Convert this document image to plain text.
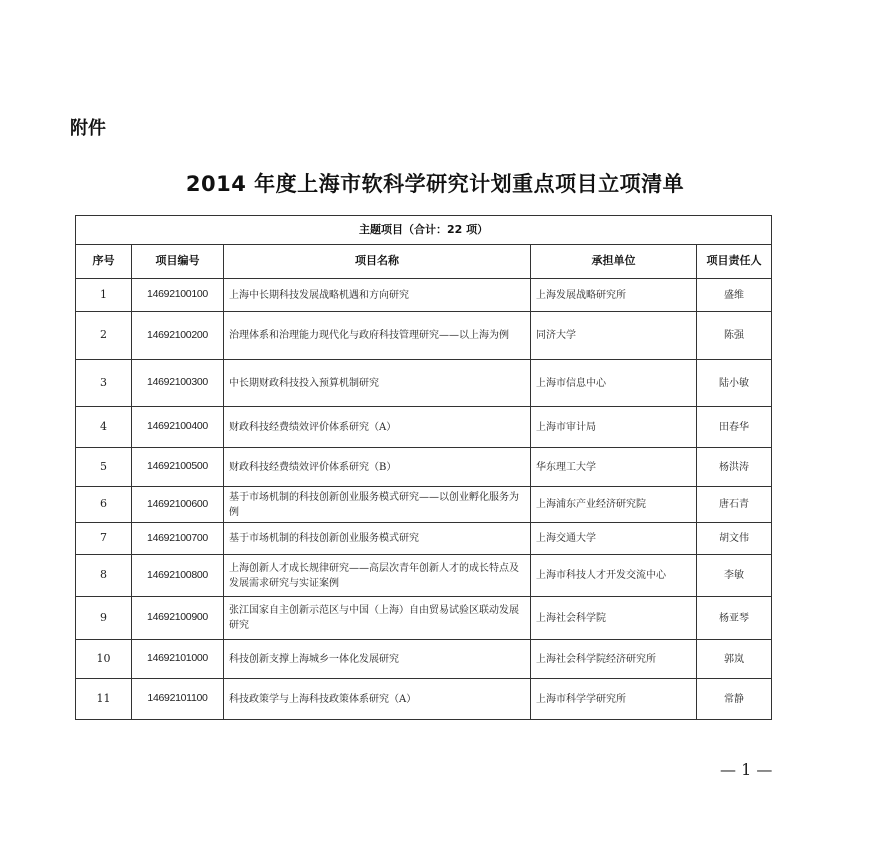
附件
2014 年度上海市软科学研究计划重点项目立项清单
主题项目（合计：22 项）				
序号	项目编号	项目名称	承担单位	项目责任人
1	14692100100	上海中长期科技发展战略机遇和方向研究	上海发展战略研究所	盛维
2	14692100200	治理体系和治理能力现代化与政府科技管理研究——以上海为例	同济大学	陈强
3	14692100300	中长期财政科技投入预算机制研究	上海市信息中心	陆小敏
4	14692100400	财政科技经费绩效评价体系研究（A）	上海市审计局	田春华
5	14692100500	财政科技经费绩效评价体系研究（B）	华东理工大学	杨洪涛
6	14692100600	基于市场机制的科技创新创业服务模式研究——以创业孵化服务为例	上海浦东产业经济研究院	唐石青
7	14692100700	基于市场机制的科技创新创业服务模式研究	上海交通大学	胡文伟
8	14692100800	上海创新人才成长规律研究——高层次青年创新人才的成长特点及发展需求研究与实证案例	上海市科技人才开发交流中心	李敏
9	14692100900	张江国家自主创新示范区与中国（上海）自由贸易试验区联动发展研究	上海社会科学院	杨亚琴
10	14692101000	科技创新支撑上海城乡一体化发展研究	上海社会科学院经济研究所	郭岚
11	14692101100	科技政策学与上海科技政策体系研究（A）	上海市科学学研究所	常静
— 1 —
